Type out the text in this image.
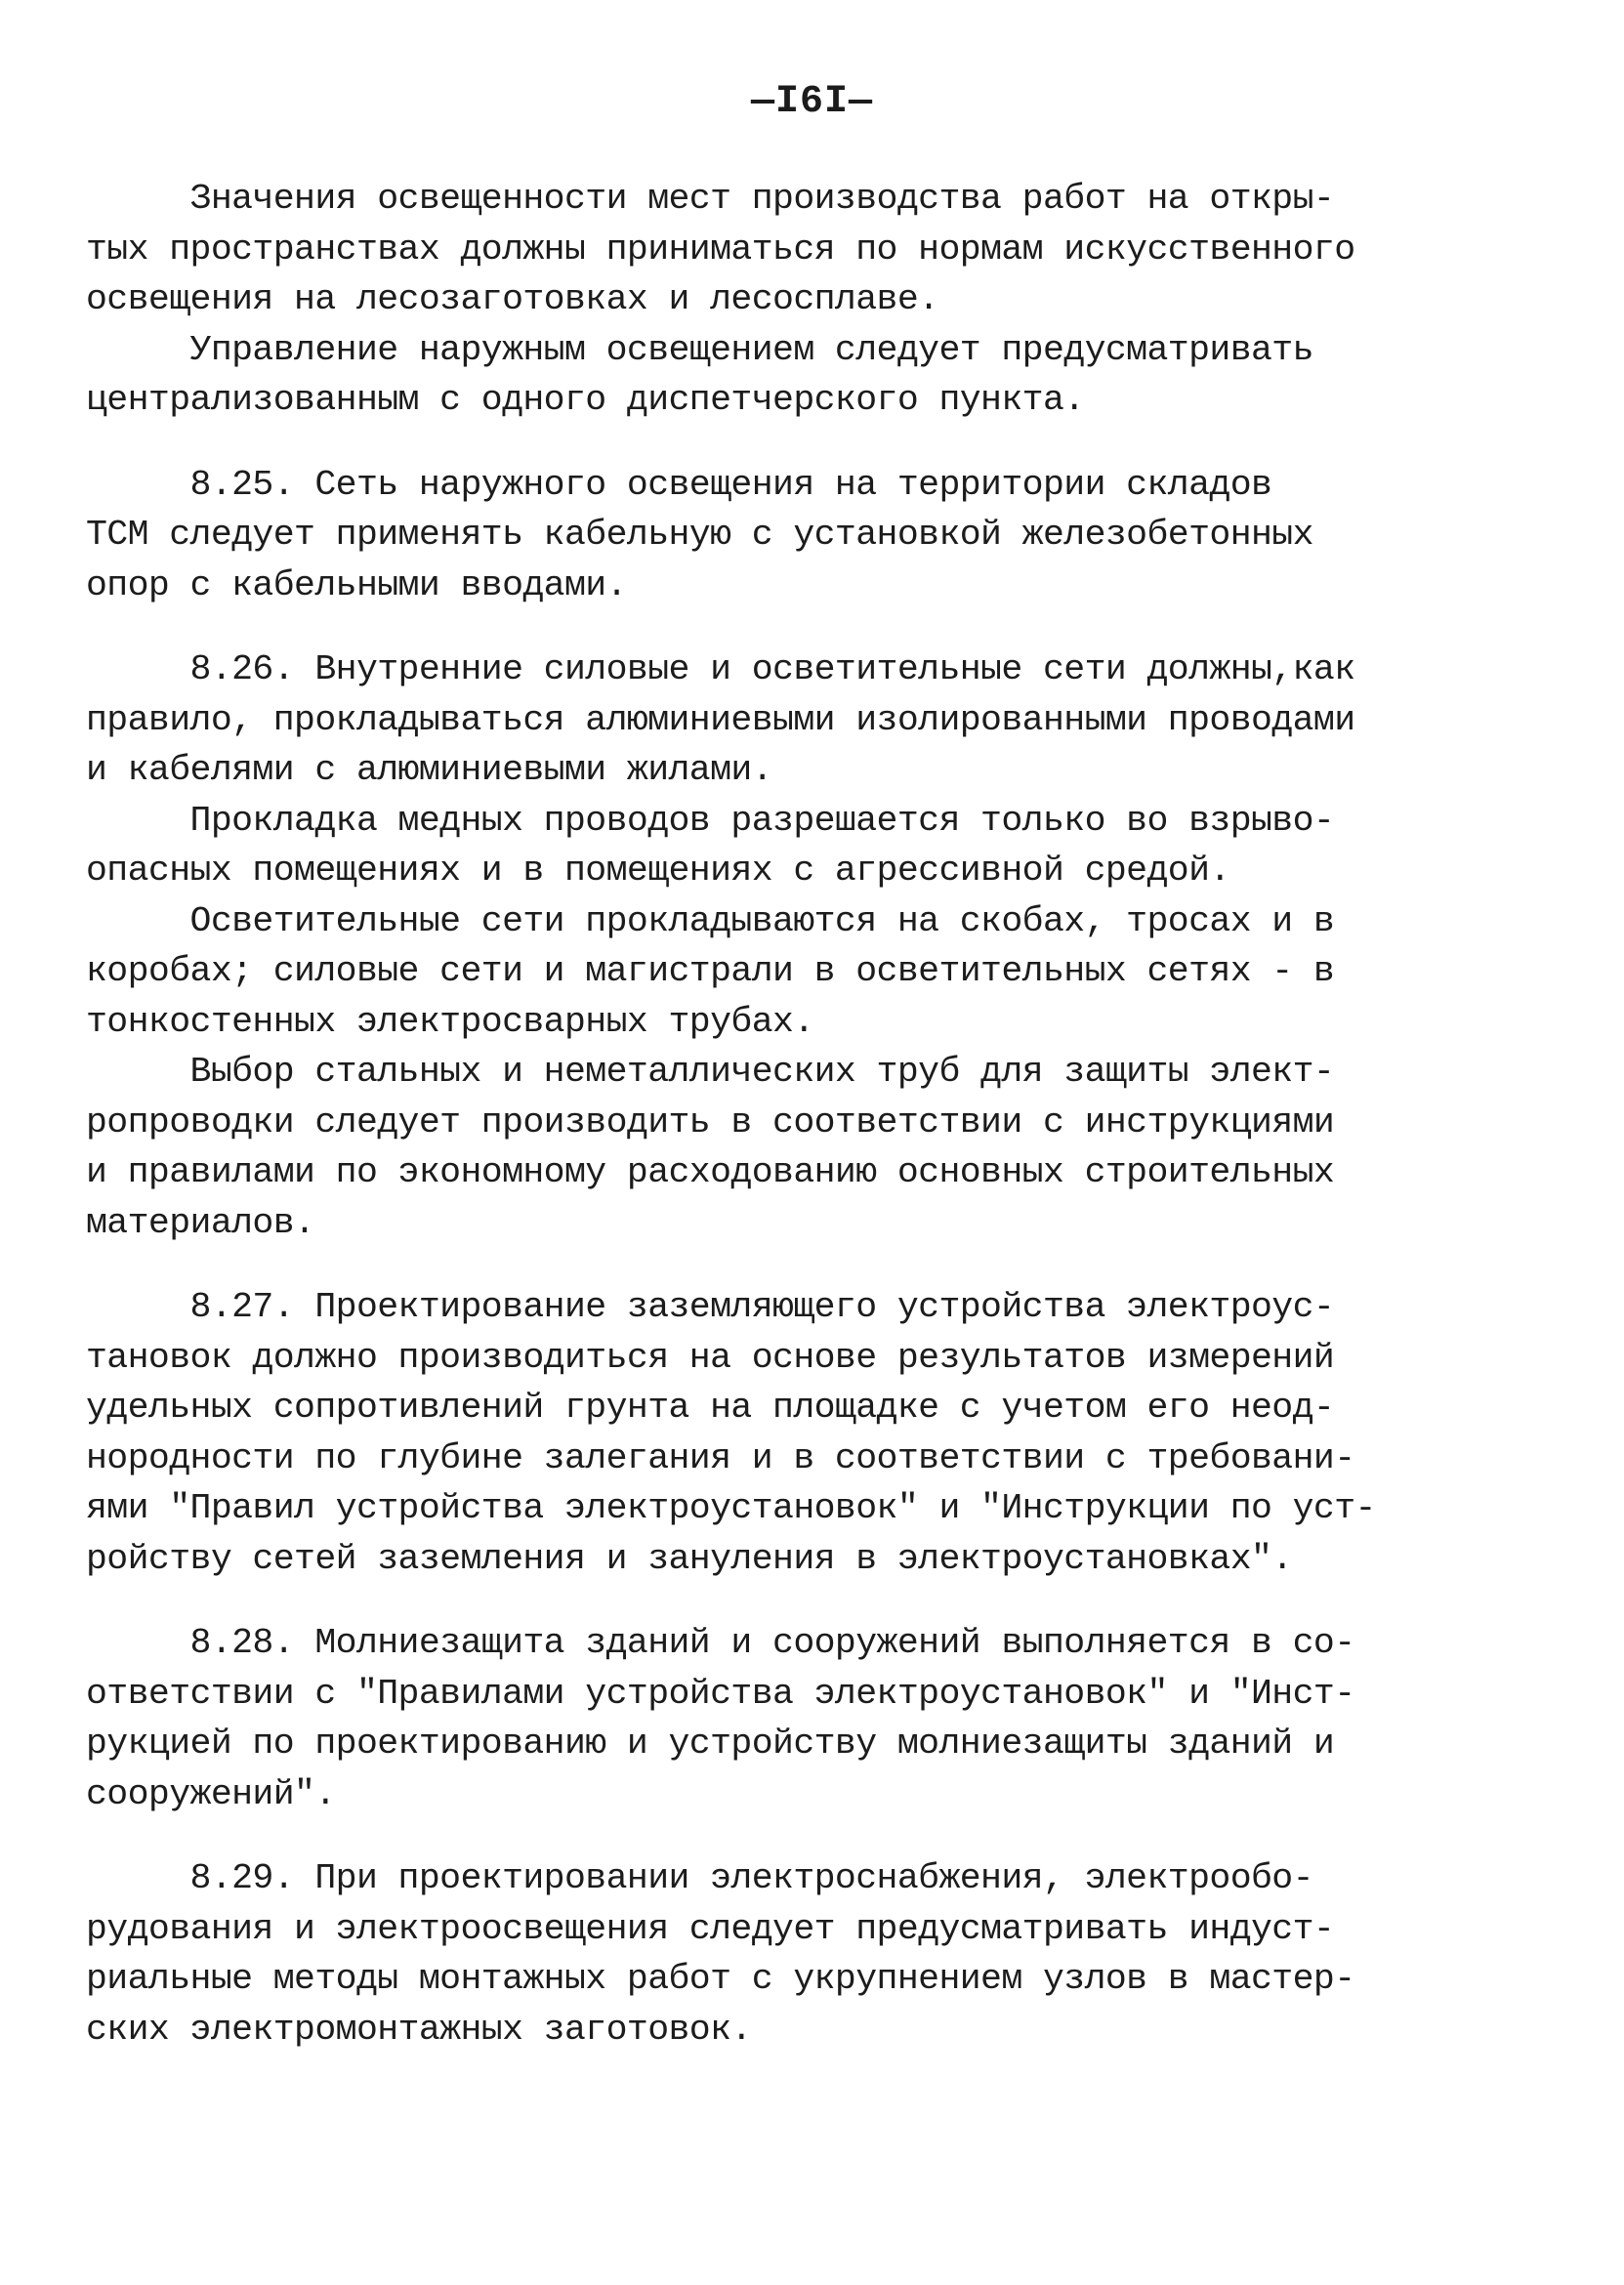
—I6I—
Значения освещенности мест производства работ на откры-
тых пространствах должны приниматься по нормам искусственного
освещения на лесозаготовках и лесосплаве.
Управление наружным освещением следует предусматривать
централизованным с одного диспетчерского пункта.
8.25. Сеть наружного освещения на территории складов
ТСМ следует применять кабельную с установкой железобетонных
опор с кабельными вводами.
8.26. Внутренние силовые и осветительные сети должны,как
правило, прокладываться алюминиевыми изолированными проводами
и кабелями с алюминиевыми жилами.
Прокладка медных проводов разрешается только во взрыво-
опасных помещениях и в помещениях с агрессивной средой.
Осветительные сети прокладываются на скобах, тросах и в
коробах; силовые сети и магистрали в осветительных сетях - в
тонкостенных электросварных трубах.
Выбор стальных и неметаллических труб для защиты элект-
ропроводки следует производить в соответствии с инструкциями
и правилами по экономному расходованию основных строительных
материалов.
8.27. Проектирование заземляющего устройства электроус-
тановок должно производиться на основе результатов измерений
удельных сопротивлений грунта на площадке с учетом его неод-
нородности по глубине залегания и в соответствии с требовани-
ями "Правил устройства электроустановок" и "Инструкции по уст-
ройству сетей заземления и зануления в электроустановках".
8.28. Молниезащита зданий и сооружений выполняется в со-
ответствии с "Правилами устройства электроустановок" и "Инст-
рукцией по проектированию и устройству молниезащиты зданий и
сооружений".
8.29. При проектировании электроснабжения, электрообо-
рудования и электроосвещения следует предусматривать индуст-
риальные методы монтажных работ с укрупнением узлов в мастер-
ских электромонтажных заготовок.
